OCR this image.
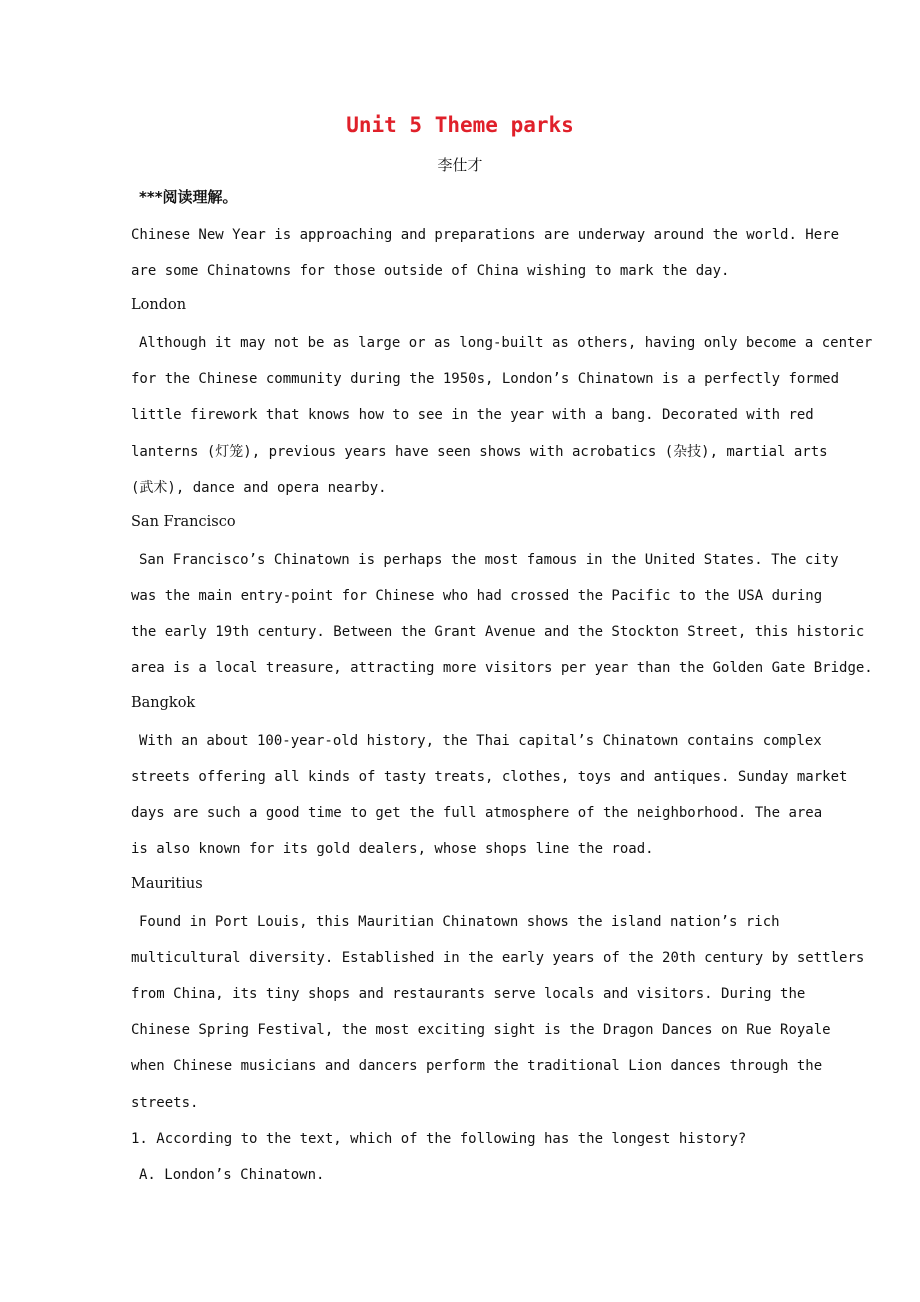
Unit 5 Theme parks
李仕才
***阅读理解。
Chinese New Year is approaching and preparations are underway around the world. Here
are some Chinatowns for those outside of China wishing to mark the day.
London
Although it may not be as large or as long-built as others, having only become a center
for the Chinese community during the 1950s, London’s Chinatown is a perfectly formed
little firework that knows how to see in the year with a bang. Decorated with red
lanterns (灯笼), previous years have seen shows with acrobatics (杂技), martial arts
(武术), dance and opera nearby.
San Francisco
San Francisco’s Chinatown is perhaps the most famous in the United States. The city
was the main entry-point for Chinese who had crossed the Pacific to the USA during
the early 19th century. Between the Grant Avenue and the Stockton Street, this historic
area is a local treasure, attracting more visitors per year than the Golden Gate Bridge.
Bangkok
With an about 100-year-old history, the Thai capital’s Chinatown contains complex
streets offering all kinds of tasty treats, clothes, toys and antiques. Sunday market
days are such a good time to get the full atmosphere of the neighborhood. The area
is also known for its gold dealers, whose shops line the road.
Mauritius
Found in Port Louis, this Mauritian Chinatown shows the island nation’s rich
multicultural diversity. Established in the early years of the 20th century by settlers
from China, its tiny shops and restaurants serve locals and visitors. During the
Chinese Spring Festival, the most exciting sight is the Dragon Dances on Rue Royale
when Chinese musicians and dancers perform the traditional Lion dances through the
streets.
1. According to the text, which of the following has the longest history?
A. London’s Chinatown.
